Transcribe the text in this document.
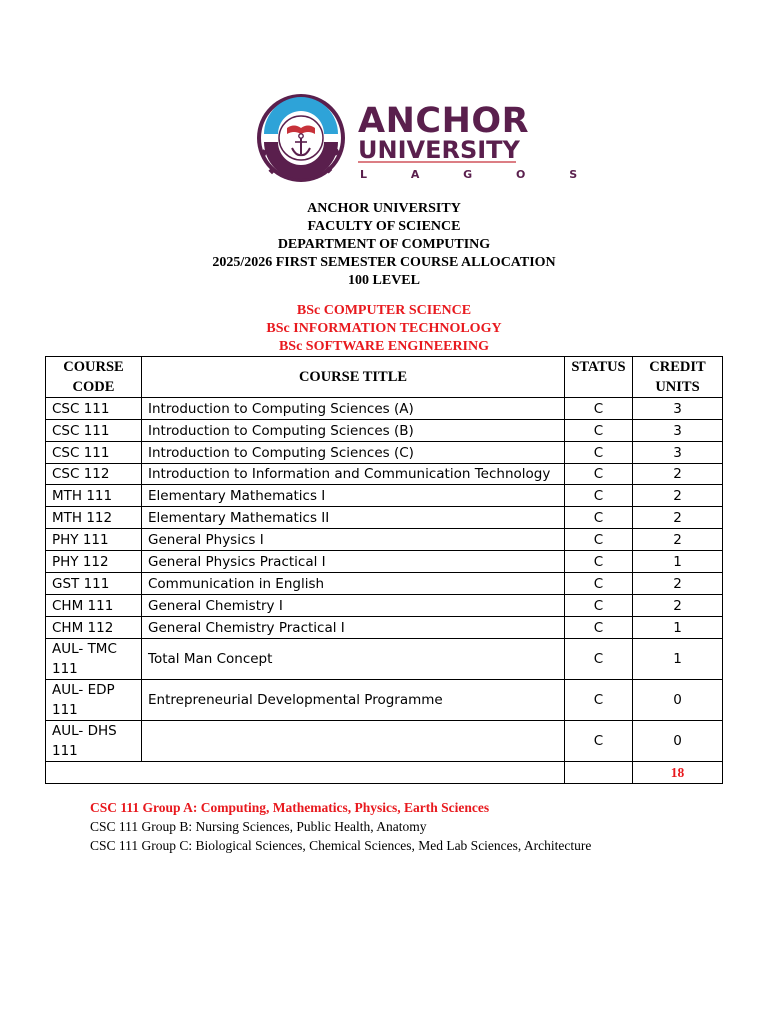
ANCHOR
UNIVERSITY
L A G O S
ANCHOR UNIVERSITY
FACULTY OF SCIENCE
DEPARTMENT OF COMPUTING
2025/2026 FIRST SEMESTER COURSE ALLOCATION
100 LEVEL
BSc COMPUTER SCIENCE
BSc INFORMATION TECHNOLOGY
BSc SOFTWARE ENGINEERING
COURSE
CODE	COURSE TITLE	STATUS	CREDIT
UNITS
CSC 111	Introduction to Computing Sciences (A)	C	3
CSC 111	Introduction to Computing Sciences (B)	C	3
CSC 111	Introduction to Computing Sciences (C)	C	3
CSC 112	Introduction to Information and Communication Technology	C	2
MTH 111	Elementary Mathematics I	C	2
MTH 112	Elementary Mathematics II	C	2
PHY 111	General Physics I	C	2
PHY 112	General Physics Practical I	C	1
GST 111	Communication in English	C	2
CHM 111	General Chemistry I	C	2
CHM 112	General Chemistry Practical I	C	1
AUL- TMC 111	Total Man Concept	C	1
AUL- EDP 111	Entrepreneurial Developmental Programme	C	0
AUL- DHS 111		C	0
			18
CSC 111 Group A: Computing, Mathematics, Physics, Earth Sciences
CSC 111 Group B: Nursing Sciences, Public Health, Anatomy
CSC 111 Group C: Biological Sciences, Chemical Sciences, Med Lab Sciences, Architecture
